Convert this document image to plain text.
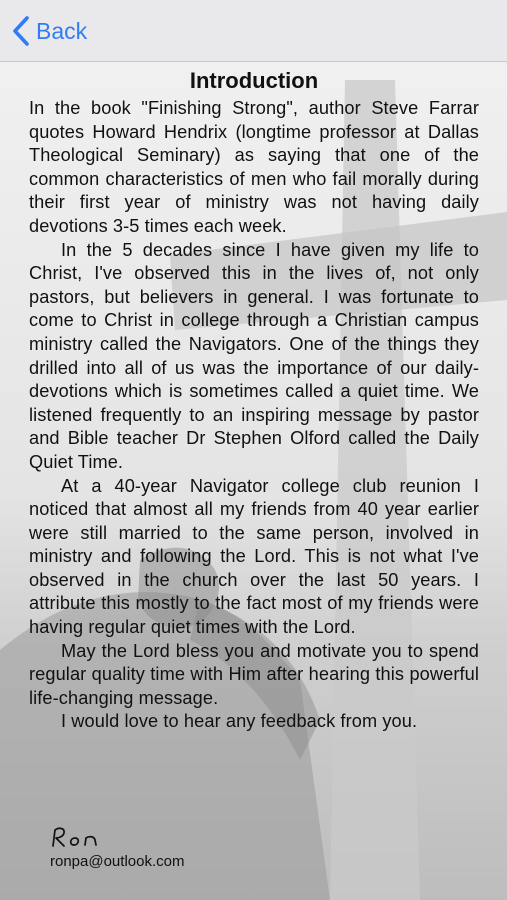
Back
Introduction

In the book "Finishing Strong", author Steve Farrar quotes Howard Hendrix (longtime professor at Dallas Theological Seminary) as saying that one of the common characteristics of men who fail morally during their first year of ministry was not having daily devotions 3-5 times each week.

In the 5 decades since I have given my life to Christ, I've observed this in the lives of, not only pastors, but believers in general. I was fortunate to come to Christ in college through a Christian campus ministry called the Navigators. One of the things they drilled into all of us was the importance of our daily-devotions which is sometimes called a quiet time. We listened frequently to an inspiring message by pastor and Bible teacher Dr Stephen Olford called the Daily Quiet Time.

At a 40-year Navigator college club reunion I noticed that almost all my friends from 40 year earlier were still married to the same person, involved in ministry and following the Lord. This is not what I've observed in the church over the last 50 years. I attribute this mostly to the fact most of my friends were having regular quiet times with the Lord.

May the Lord bless you and motivate you to spend regular quality time with Him after hearing this powerful life-changing message.

I would love to hear any feedback from you.

ronpa@outlook.com
